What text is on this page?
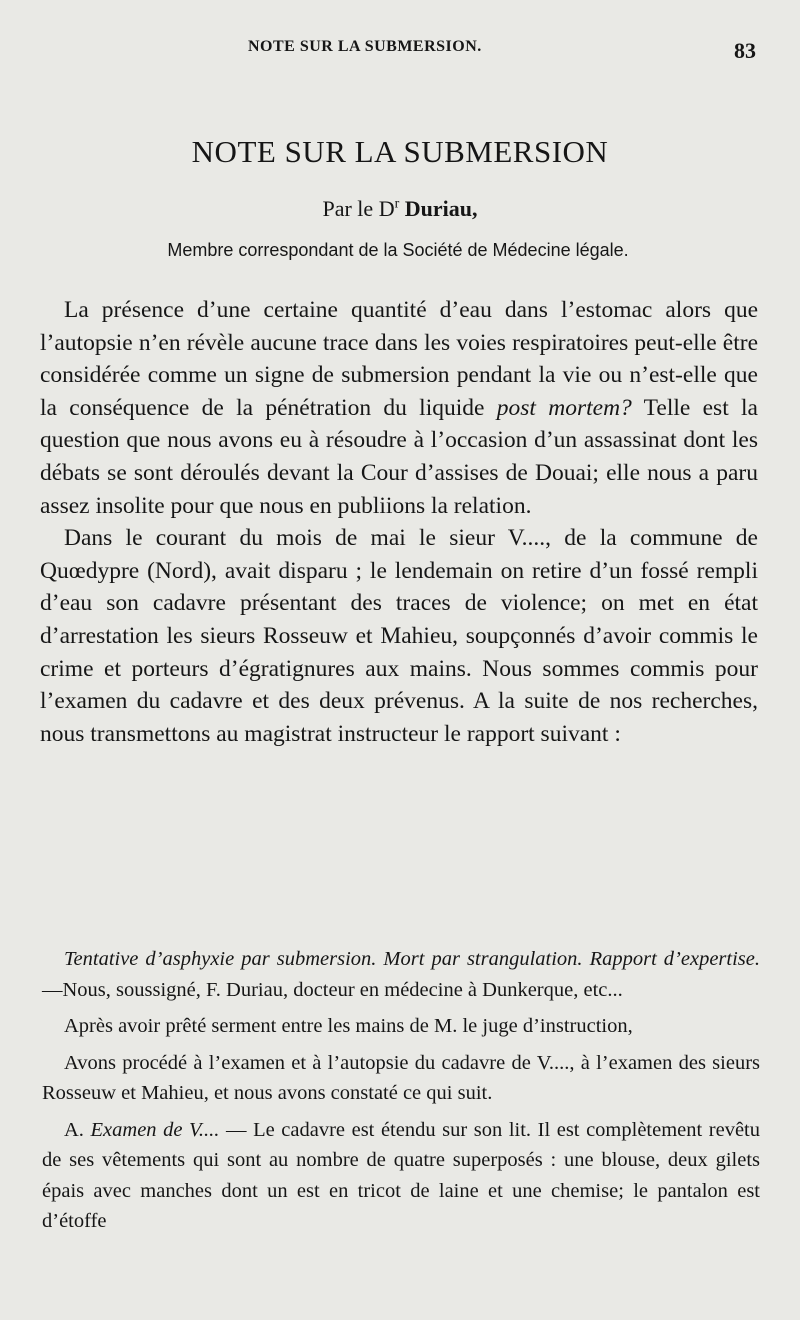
NOTE SUR LA SUBMERSION.	83
NOTE SUR LA SUBMERSION
Par le $D^r$ Duriau,
Membre correspondant de la Société de Médecine légale.

La présence d’une certaine quantité d’eau dans l’estomac alors que l’autopsie n’en révèle aucune trace dans les voies respiratoires peut-elle être considérée comme un signe de submersion pendant la vie ou n’est-elle que la conséquence de la pénétration du liquide post mortem? Telle est la question que nous avons eu à résoudre à l’occasion d’un assassinat dont les débats se sont déroulés devant la Cour d’assises de Douai; elle nous a paru assez insolite pour que nous en publiions la relation.

Dans le courant du mois de mai le sieur V...., de la commune de Quœdypre (Nord), avait disparu ; le lendemain on retire d’un fossé rempli d’eau son cadavre présentant des traces de violence; on met en état d’arrestation les sieurs Rosseuw et Mahieu, soupçonnés d’avoir commis le crime et porteurs d’égratignures aux mains. Nous sommes commis pour l’examen du cadavre et des deux prévenus. A la suite de nos recherches, nous transmettons au magistrat instructeur le rapport suivant :

Tentative d’asphyxie par submersion. Mort par strangulation. Rapport d’expertise. —Nous, soussigné, F. Duriau, docteur en médecine à Dunkerque, etc...

Après avoir prêté serment entre les mains de M. le juge d’instruction,

Avons procédé à l’examen et à l’autopsie du cadavre de V...., à l’examen des sieurs Rosseuw et Mahieu, et nous avons constaté ce qui suit.

A. Examen de V.... — Le cadavre est étendu sur son lit. Il est complètement revêtu de ses vêtements qui sont au nombre de quatre superposés : une blouse, deux gilets épais avec manches dont un est en tricot de laine et une chemise; le pantalon est d’étoffe
